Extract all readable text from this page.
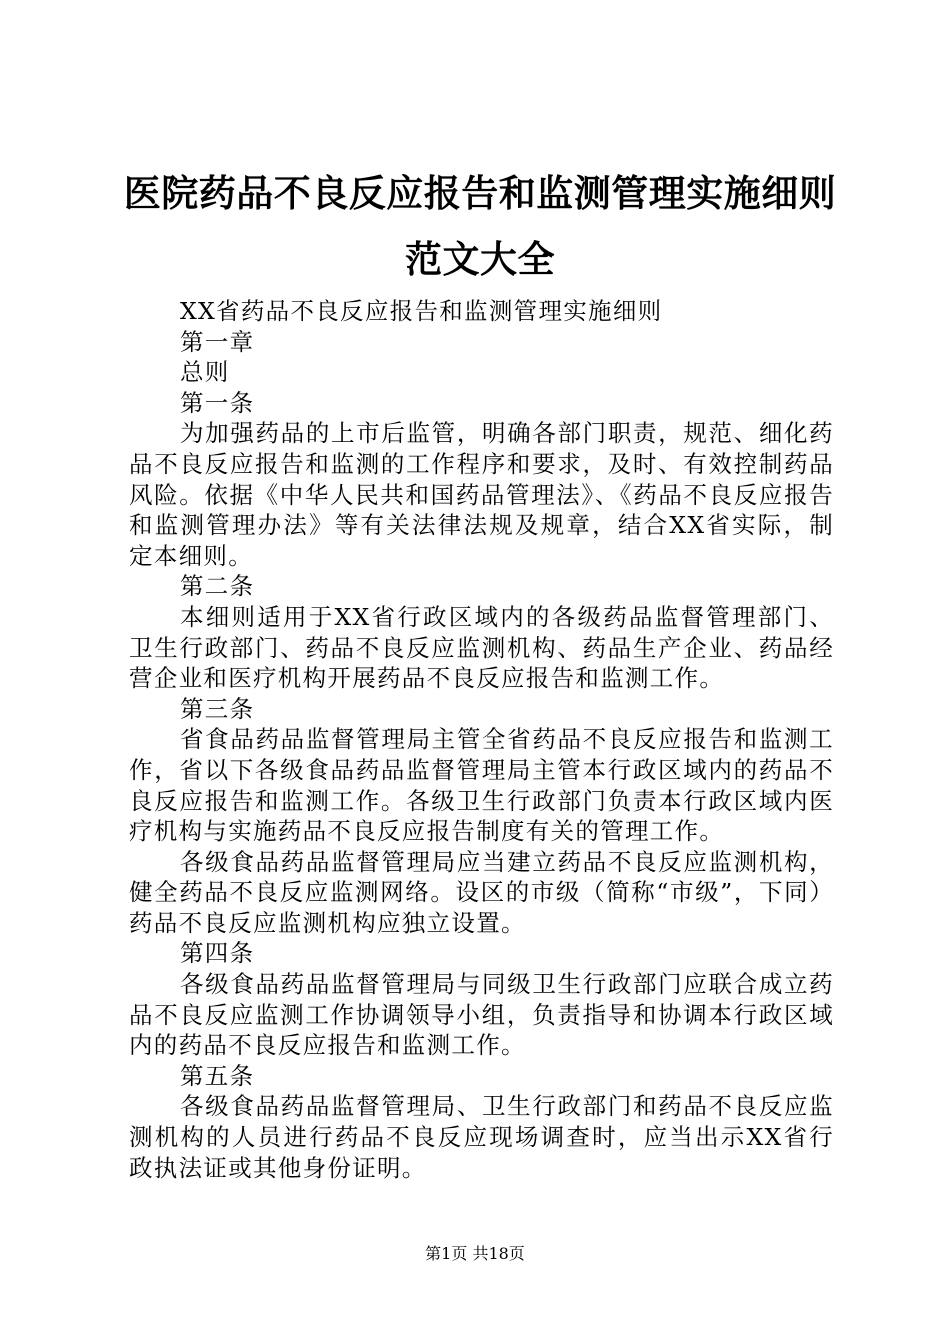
医院药品不良反应报告和监测管理实施细则范文大全

XX省药品不良反应报告和监测管理实施细则

第一章

总则

第一条

为加强药品的上市后监管，明确各部门职责，规范、细化药品不良反应报告和监测的工作程序和要求，及时、有效控制药品风险。依据《中华人民共和国药品管理法》、《药品不良反应报告和监测管理办法》等有关法律法规及规章，结合XX省实际，制定本细则。

第二条

本细则适用于XX省行政区域内的各级药品监督管理部门、卫生行政部门、药品不良反应监测机构、药品生产企业、药品经营企业和医疗机构开展药品不良反应报告和监测工作。

第三条

省食品药品监督管理局主管全省药品不良反应报告和监测工作，省以下各级食品药品监督管理局主管本行政区域内的药品不良反应报告和监测工作。各级卫生行政部门负责本行政区域内医疗机构与实施药品不良反应报告制度有关的管理工作。

各级食品药品监督管理局应当建立药品不良反应监测机构，健全药品不良反应监测网络。设区的市级（简称“市级”，下同）药品不良反应监测机构应独立设置。

第四条

各级食品药品监督管理局与同级卫生行政部门应联合成立药品不良反应监测工作协调领导小组，负责指导和协调本行政区域内的药品不良反应报告和监测工作。

第五条

各级食品药品监督管理局、卫生行政部门和药品不良反应监测机构的人员进行药品不良反应现场调查时，应当出示XX省行政执法证或其他身份证明。

第1页 共18页
